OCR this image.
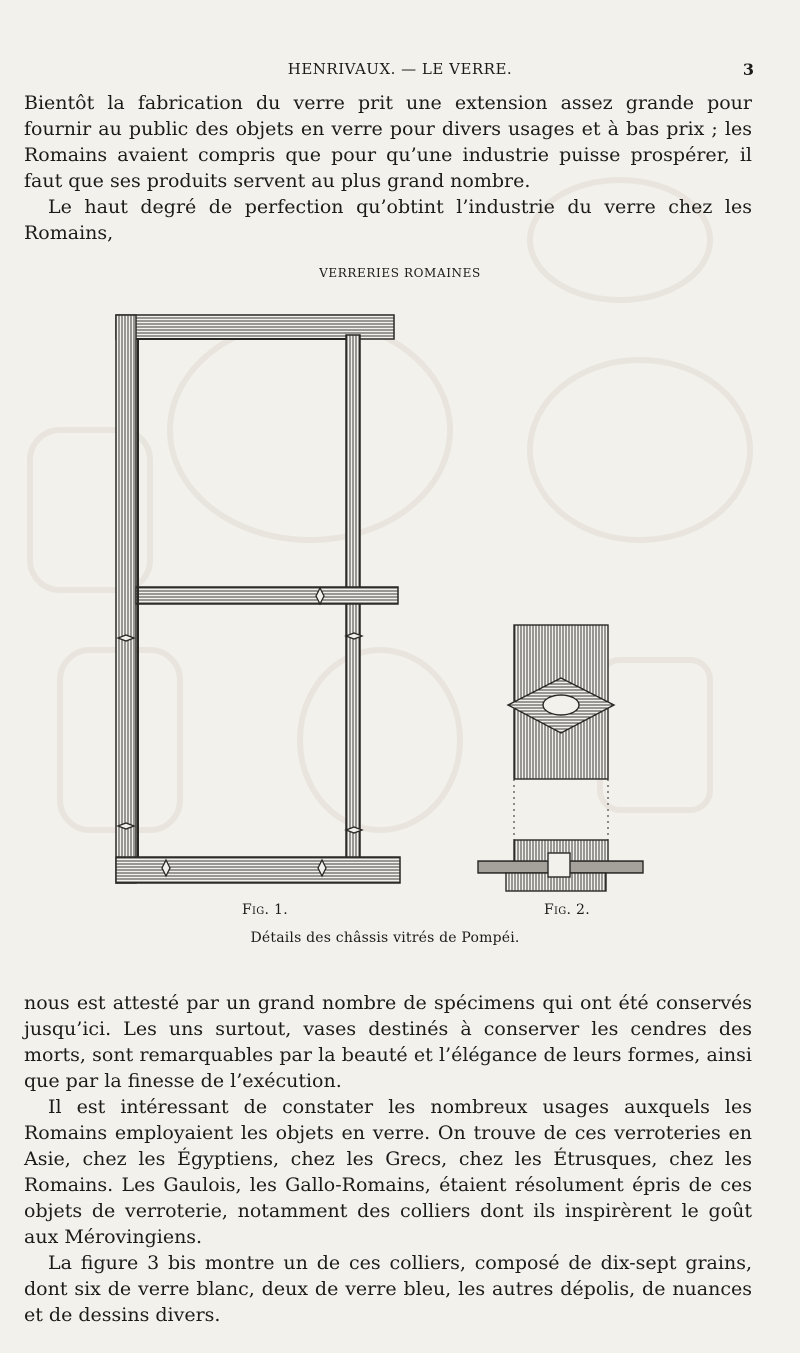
HENRIVAUX. — LE VERRE.	3

Bientôt la fabrication du verre prit une extension assez grande pour fournir au public des objets en verre pour divers usages et à bas prix ; les Romains avaient compris que pour qu’une industrie puisse prospérer, il faut que ses produits servent au plus grand nombre.

Le haut degré de perfection qu’obtint l’industrie du verre chez les Romains,

VERRERIES ROMAINES
Fig. 1.	Fig. 2.
Détails des châssis vitrés de Pompéi.

nous est attesté par un grand nombre de spécimens qui ont été conservés jusqu’ici. Les uns surtout, vases destinés à conserver les cendres des morts, sont remarquables par la beauté et l’élégance de leurs formes, ainsi que par la finesse de l’exécution.

Il est intéressant de constater les nombreux usages auxquels les Romains employaient les objets en verre. On trouve de ces verroteries en Asie, chez les Égyptiens, chez les Grecs, chez les Étrusques, chez les Romains. Les Gaulois, les Gallo-Romains, étaient résolument épris de ces objets de verroterie, notamment des colliers dont ils inspirèrent le goût aux Mérovingiens.

La figure 3 bis montre un de ces colliers, composé de dix-sept grains, dont six de verre blanc, deux de verre bleu, les autres dépolis, de nuances et de dessins divers.
